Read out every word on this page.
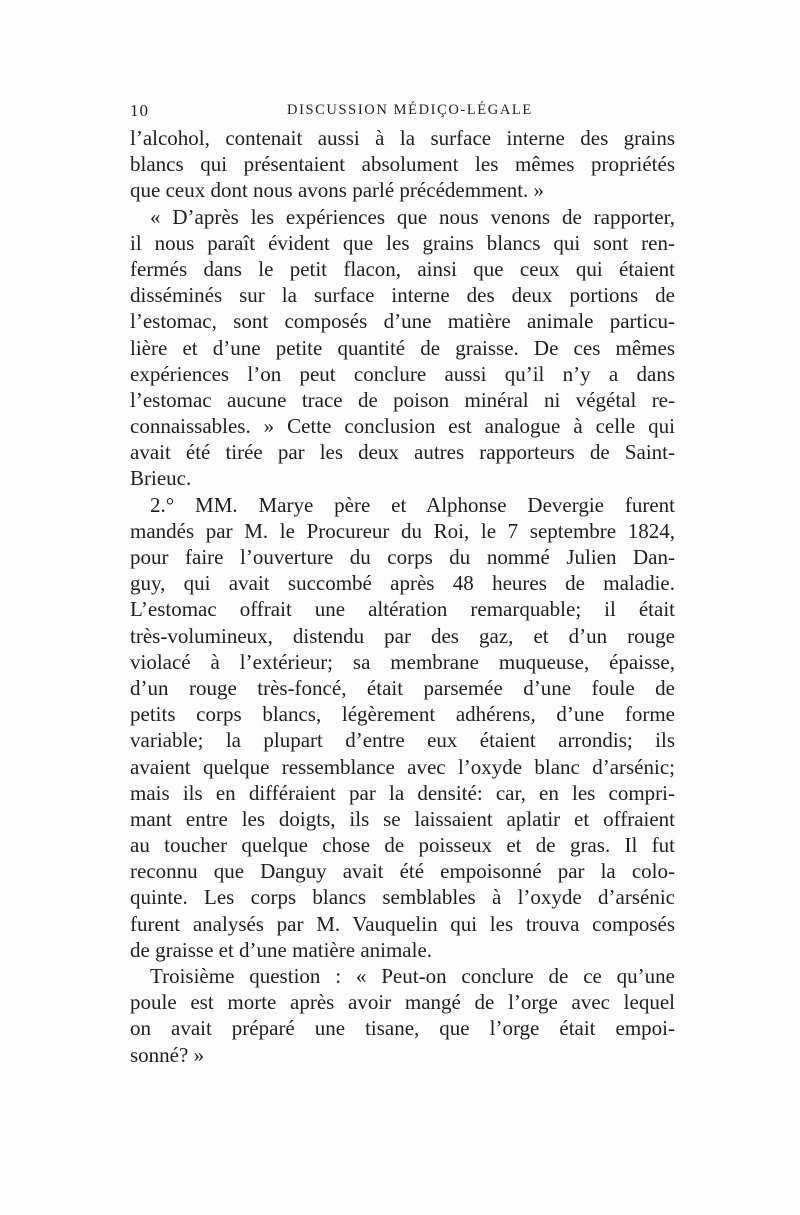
10	DISCUSSION MÉDIÇO-LÉGALE
l’alcohol, contenait aussi à la surface interne des grains
blancs qui présentaient absolument les mêmes propriétés
que ceux dont nous avons parlé précédemment. »
« D’après les expériences que nous venons de rapporter,
il nous paraît évident que les grains blancs qui sont ren-
fermés dans le petit flacon, ainsi que ceux qui étaient
disséminés sur la surface interne des deux portions de
l’estomac, sont composés d’une matière animale particu-
lière et d’une petite quantité de graisse. De ces mêmes
expériences l’on peut conclure aussi qu’il n’y a dans
l’estomac aucune trace de poison minéral ni végétal re-
connaissables. » Cette conclusion est analogue à celle qui
avait été tirée par les deux autres rapporteurs de Saint-
Brieuc.
2.° MM. Marye père et Alphonse Devergie furent
mandés par M. le Procureur du Roi, le 7 septembre 1824,
pour faire l’ouverture du corps du nommé Julien Dan-
guy, qui avait succombé après 48 heures de maladie.
L’estomac offrait une altération remarquable; il était
très-volumineux, distendu par des gaz, et d’un rouge
violacé à l’extérieur; sa membrane muqueuse, épaisse,
d’un rouge très-foncé, était parsemée d’une foule de
petits corps blancs, légèrement adhérens, d’une forme
variable; la plupart d’entre eux étaient arrondis; ils
avaient quelque ressemblance avec l’oxyde blanc d’arsénic;
mais ils en différaient par la densité: car, en les compri-
mant entre les doigts, ils se laissaient aplatir et offraient
au toucher quelque chose de poisseux et de gras. Il fut
reconnu que Danguy avait été empoisonné par la colo-
quinte. Les corps blancs semblables à l’oxyde d’arsénic
furent analysés par M. Vauquelin qui les trouva composés
de graisse et d’une matière animale.
Troisième question : « Peut-on conclure de ce qu’une
poule est morte après avoir mangé de l’orge avec lequel
on avait préparé une tisane, que l’orge était empoi-
sonné? »
